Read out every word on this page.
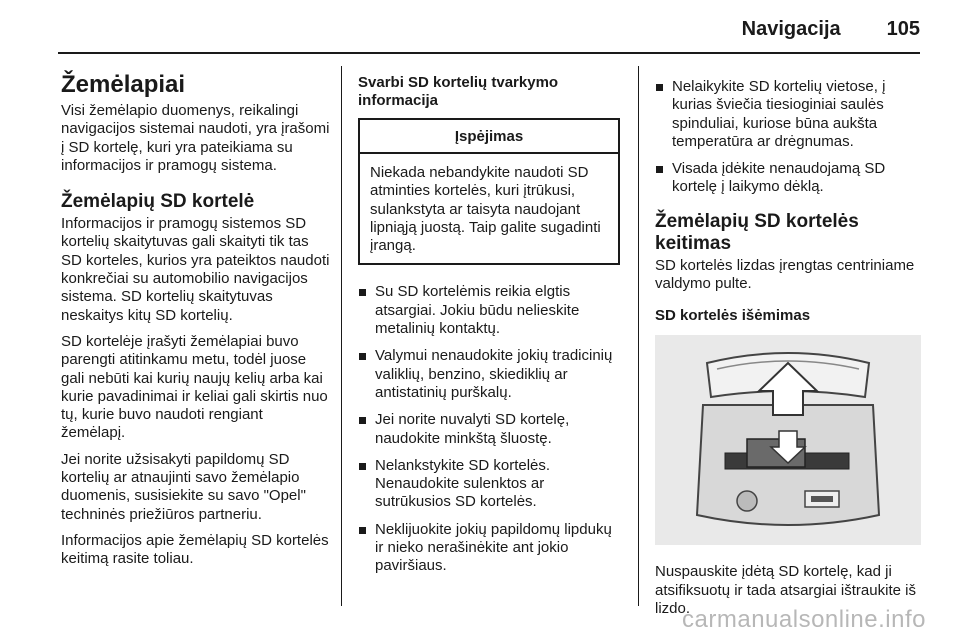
Navigacija 105
Žemėlapiai

Visi žemėlapio duomenys, reikalingi navigacijos sistemai naudoti, yra įrašomi į SD kortelę, kuri yra pateikiama su informacijos ir pramogų sistema.

Žemėlapių SD kortelė

Informacijos ir pramogų sistemos SD kortelių skaitytuvas gali skaityti tik tas SD korteles, kurios yra pateiktos naudoti konkrečiai su automobilio navigacijos sistema. SD kortelių skaitytuvas neskaitys kitų SD kortelių.

SD kortelėje įrašyti žemėlapiai buvo parengti atitinkamu metu, todėl juose gali nebūti kai kurių naujų kelių arba kai kurie pavadinimai ir keliai gali skirtis nuo tų, kurie buvo naudoti rengiant žemėlapį.

Jei norite užsisakyti papildomų SD kortelių ar atnaujinti savo žemėlapio duomenis, susisiekite su savo "Opel" techninės priežiūros partneriu.

Informacijos apie žemėlapių SD kortelės keitimą rasite toliau.

Svarbi SD kortelių tvarkymo informacija
Įspėjimas
Niekada nebandykite naudoti SD atminties kortelės, kuri įtrūkusi, sulankstyta ar taisyta naudojant lipniąją juostą. Taip galite sugadinti įrangą.
Su SD kortelėmis reikia elgtis atsargiai. Jokiu būdu nelieskite metalinių kontaktų.
Valymui nenaudokite jokių tradicinių valiklių, benzino, skiediklių ar antistatinių purškalų.
Jei norite nuvalyti SD kortelę, naudokite minkštą šluostę.
Nelankstykite SD kortelės. Nenaudokite sulenktos ar sutrūkusios SD kortelės.
Neklijuokite jokių papildomų lipdukų ir nieko nerašinėkite ant jokio paviršiaus.
Nelaikykite SD kortelių vietose, į kurias šviečia tiesioginiai saulės spinduliai, kuriose būna aukšta temperatūra ar drėgnumas.
Visada įdėkite nenaudojamą SD kortelę į laikymo dėklą.
Žemėlapių SD kortelės keitimas

SD kortelės lizdas įrengtas centriniame valdymo pulte.

SD kortelės išėmimas

Nuspauskite įdėtą SD kortelę, kad ji atsifiksuotų ir tada atsargiai ištraukite iš lizdo.

carmanualsonline.info
